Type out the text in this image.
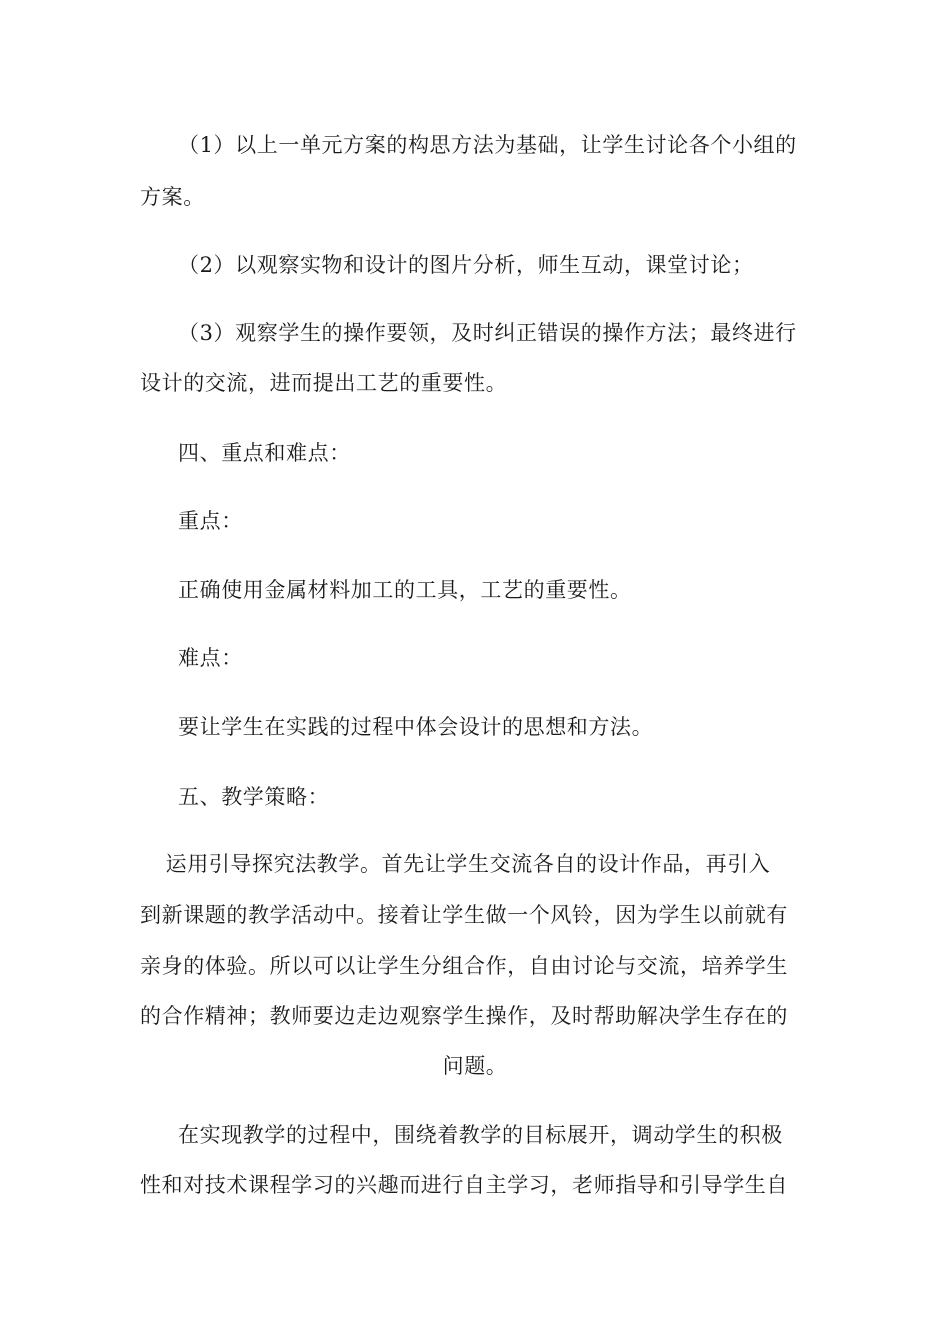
（1）以上一单元方案的构思方法为基础，让学生讨论各个小组的
方案。
（2）以观察实物和设计的图片分析，师生互动，课堂讨论；
（3）观察学生的操作要领，及时纠正错误的操作方法；最终进行
设计的交流，进而提出工艺的重要性。
四、重点和难点：
重点：
正确使用金属材料加工的工具，工艺的重要性。
难点：
要让学生在实践的过程中体会设计的思想和方法。
五、教学策略：
运用引导探究法教学。首先让学生交流各自的设计作品，再引入
到新课题的教学活动中。接着让学生做一个风铃，因为学生以前就有
亲身的体验。所以可以让学生分组合作，自由讨论与交流，培养学生
的合作精神；教师要边走边观察学生操作，及时帮助解决学生存在的
问题。
在实现教学的过程中，围绕着教学的目标展开，调动学生的积极
性和对技术课程学习的兴趣而进行自主学习，老师指导和引导学生自
